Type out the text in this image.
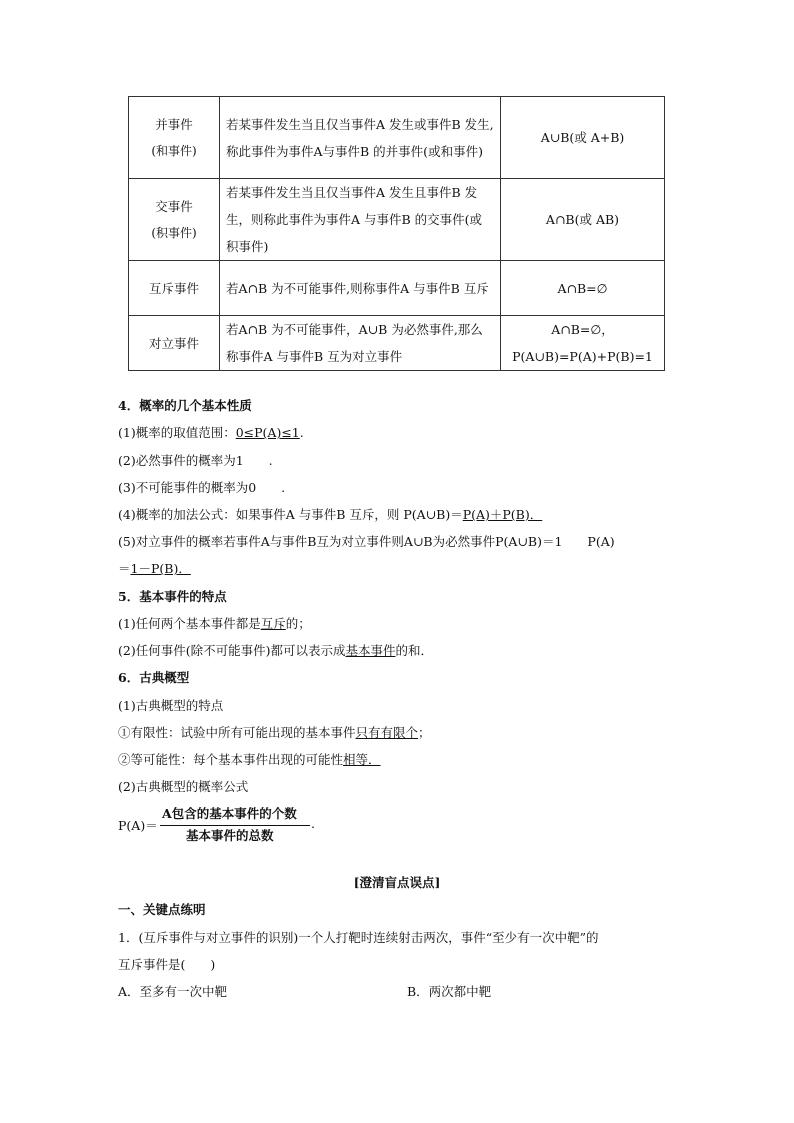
并事件
(和事件)	若某事件发生当且仅当事件A 发生或事件B 发生,称此事件为事件A与事件B 的并事件(或和事件)	A∪B(或 A+B)
交事件
(积事件)	若某事件发生当且仅当事件A 发生且事件B 发生，则称此事件为事件A 与事件B 的交事件(或积事件)	A∩B(或 AB)
互斥事件	若A∩B 为不可能事件,则称事件A 与事件B 互斥	A∩B=∅
对立事件	若A∩B 为不可能事件，A∪B 为必然事件,那么称事件A 与事件B 互为对立事件	A∩B=∅，P(A∪B)=P(A)+P(B)=1
4．概率的几个基本性质
(1)概率的取值范围：0≤P(A)≤1.
(2)必然事件的概率为1　　.
(3)不可能事件的概率为0　　.
(4)概率的加法公式：如果事件A 与事件B 互斥，则 P(A∪B)＝P(A)＋P(B)．
(5)对立事件的概率若事件A与事件B互为对立事件则A∪B为必然事件P(A∪B)＝1　　P(A)
＝1－P(B)．
5．基本事件的特点
(1)任何两个基本事件都是互斥的；
(2)任何事件(除不可能事件)都可以表示成基本事件的和．
6．古典概型
(1)古典概型的特点
①有限性：试验中所有可能出现的基本事件只有有限个；
②等可能性：每个基本事件出现的可能性相等．
(2)古典概型的概率公式
P(A)＝
A包含的基本事件的个数
基本事件的总数
.
[澄清盲点误点]
一、关键点练明
1．(互斥事件与对立事件的识别)一个人打靶时连续射击两次，事件“至少有一次中靶”的
互斥事件是(　　)
A．至多有一次中靶	B．两次都中靶
